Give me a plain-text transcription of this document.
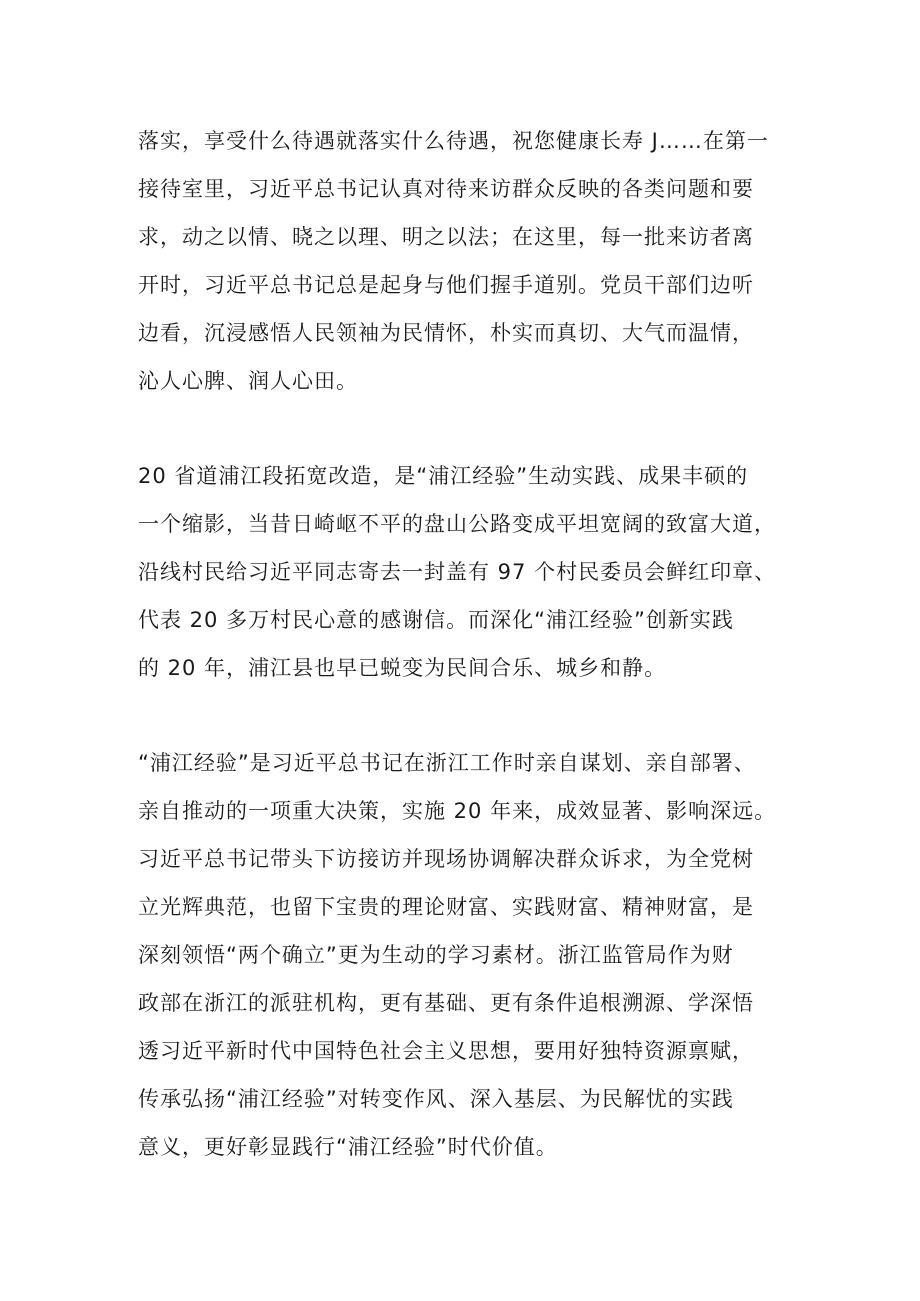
落实，享受什么待遇就落实什么待遇，祝您健康长寿 J……在第一
接待室里，习近平总书记认真对待来访群众反映的各类问题和要
求，动之以情、晓之以理、明之以法；在这里，每一批来访者离
开时，习近平总书记总是起身与他们握手道别。党员干部们边听
边看，沉浸感悟人民领袖为民情怀，朴实而真切、大气而温情，
沁人心脾、润人心田。
20 省道浦江段拓宽改造，是“浦江经验”生动实践、成果丰硕的
一个缩影，当昔日崎岖不平的盘山公路变成平坦宽阔的致富大道，
沿线村民给习近平同志寄去一封盖有 97 个村民委员会鲜红印章、
代表 20 多万村民心意的感谢信。而深化“浦江经验”创新实践
的 20 年，浦江县也早已蜕变为民间合乐、城乡和静。
“浦江经验”是习近平总书记在浙江工作时亲自谋划、亲自部署、
亲自推动的一项重大决策，实施 20 年来，成效显著、影响深远。
习近平总书记带头下访接访并现场协调解决群众诉求，为全党树
立光辉典范，也留下宝贵的理论财富、实践财富、精神财富，是
深刻领悟“两个确立”更为生动的学习素材。浙江监管局作为财
政部在浙江的派驻机构，更有基础、更有条件追根溯源、学深悟
透习近平新时代中国特色社会主义思想，要用好独特资源禀赋，
传承弘扬“浦江经验”对转变作风、深入基层、为民解忧的实践
意义，更好彰显践行“浦江经验”时代价值。
